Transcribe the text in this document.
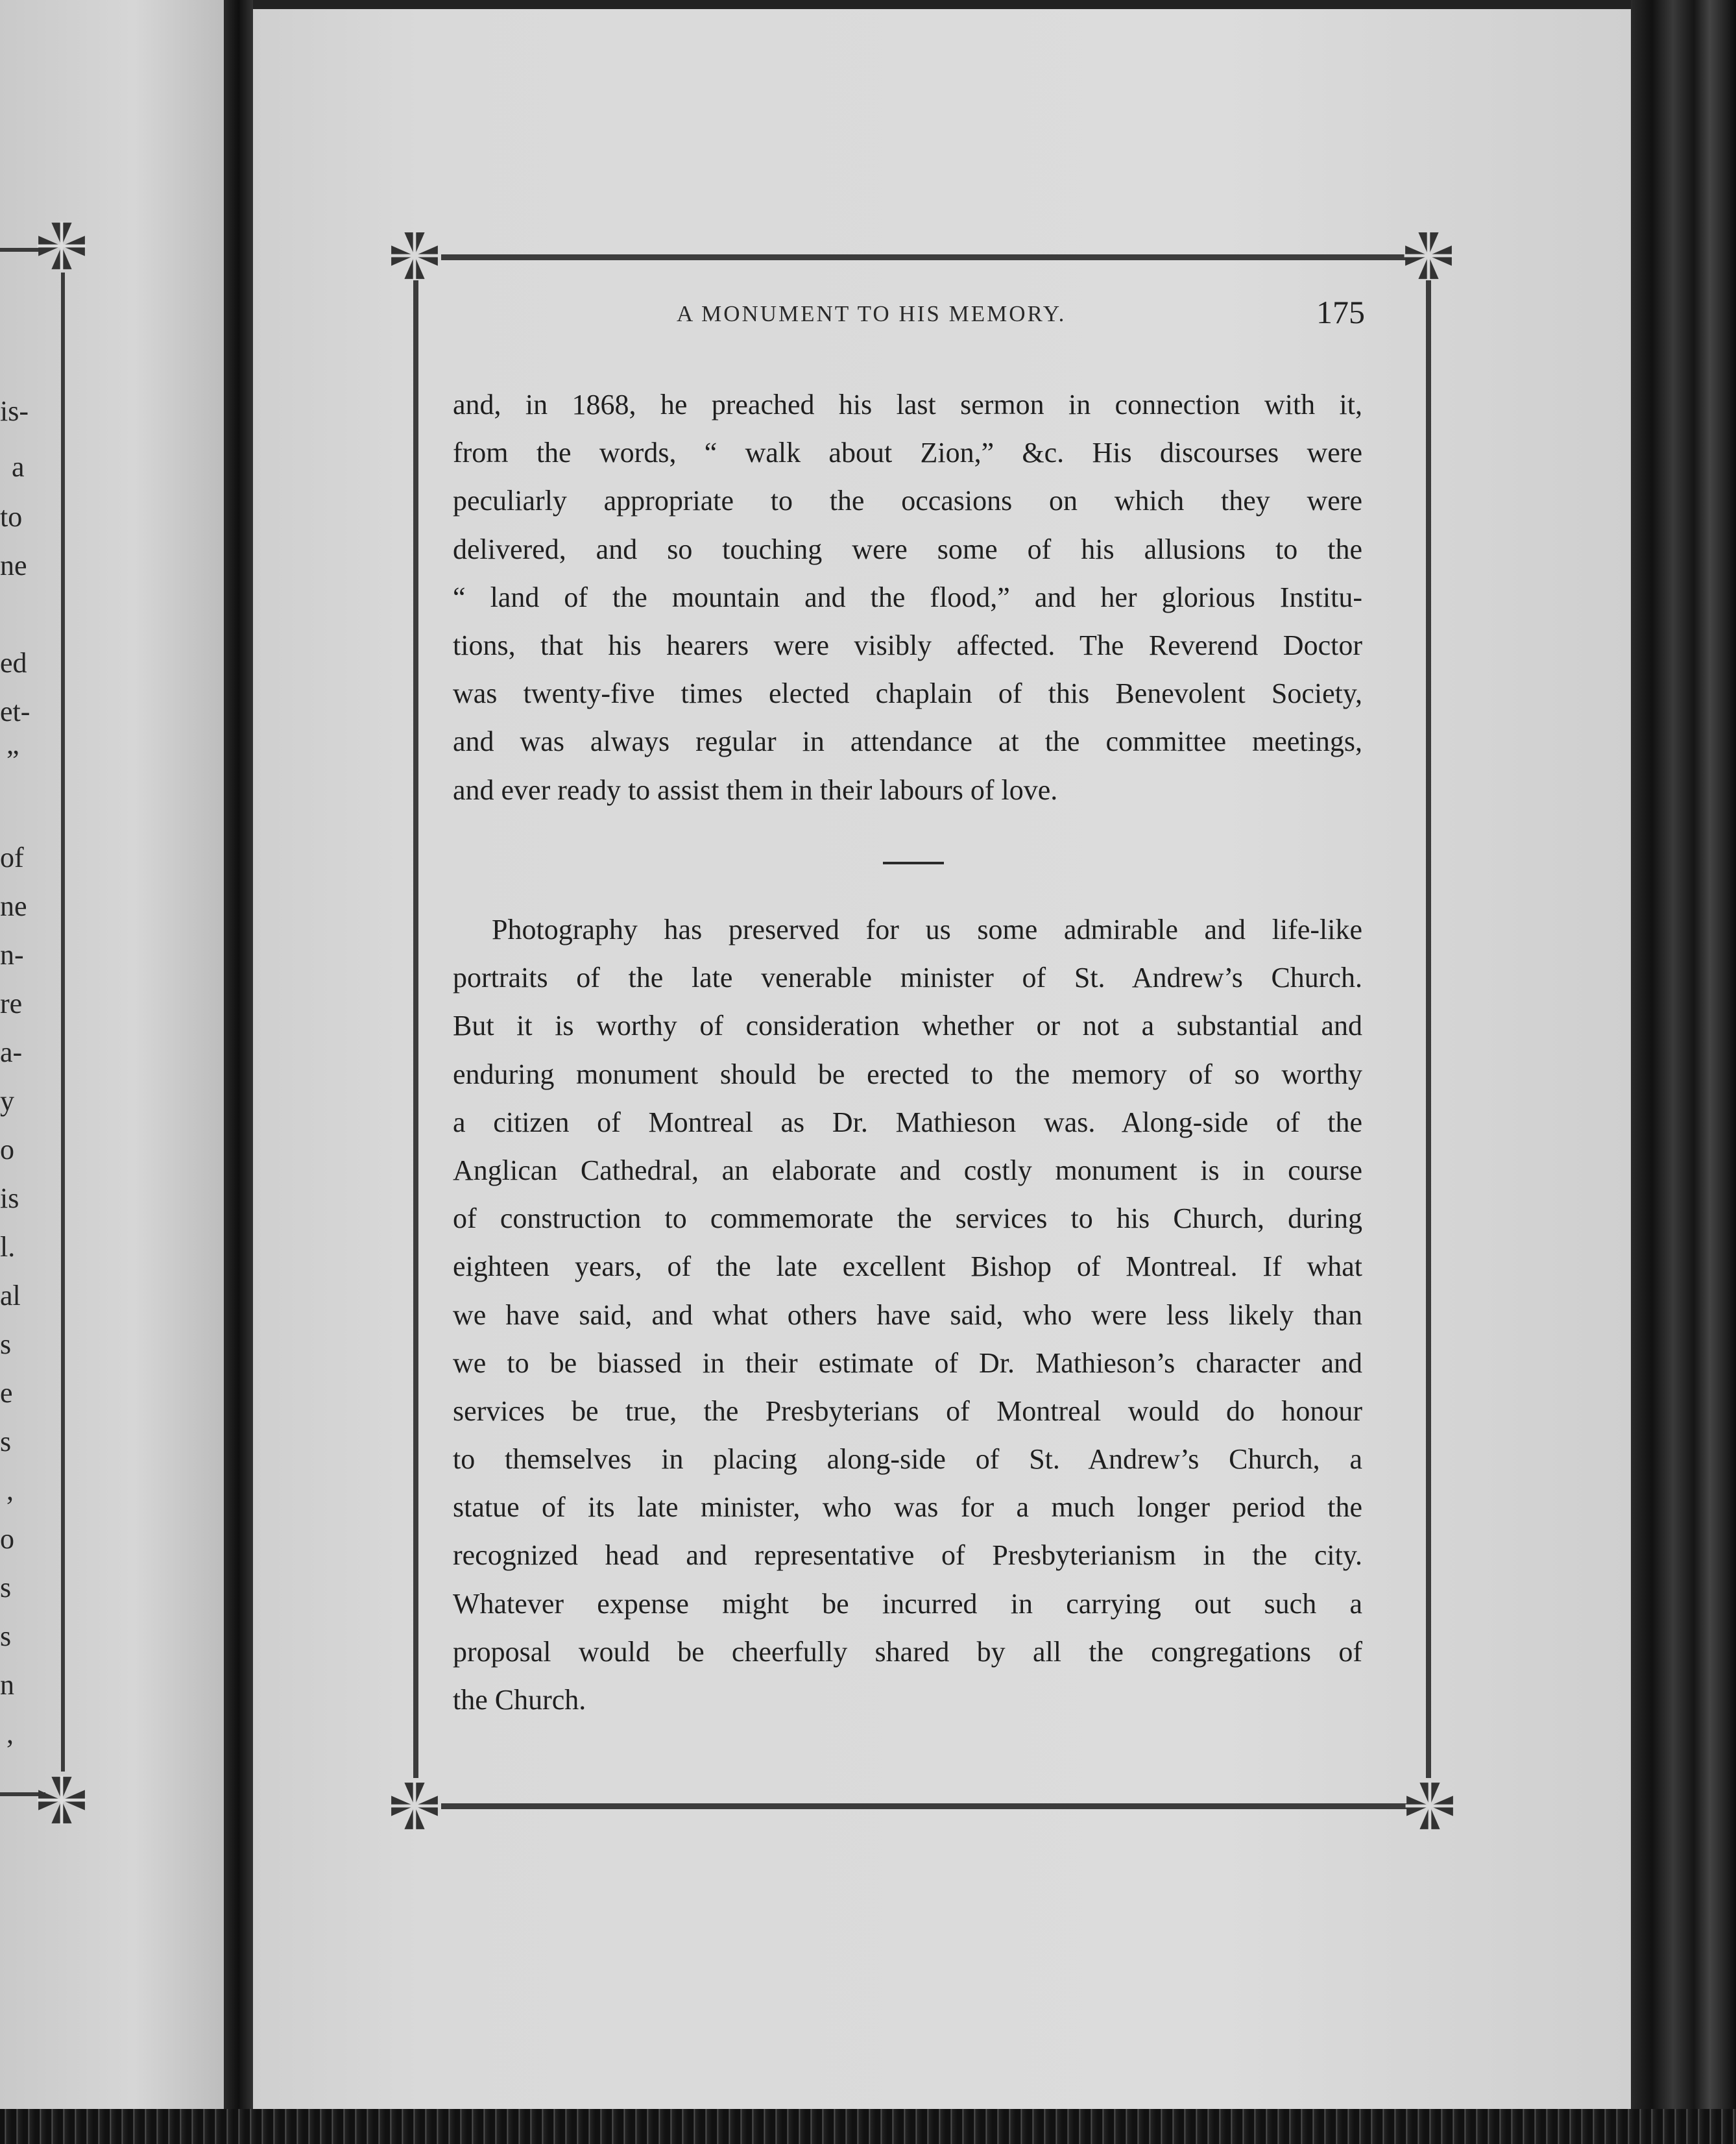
is-
a
to
ne
ed
et-
”
of
ne
n-
re
a-
y
o
is
l.
al
s
e
s
,
o
s
s
n
,
A MONUMENT TO HIS MEMORY.	175
and, in 1868, he preached his last sermon in connection with it,
from the words, “ walk about Zion,” &c. His discourses were
peculiarly appropriate to the occasions on which they were
delivered, and so touching were some of his allusions to the
“ land of the mountain and the flood,” and her glorious Institu-
tions, that his hearers were visibly affected. The Reverend Doctor
was twenty-five times elected chaplain of this Benevolent Society,
and was always regular in attendance at the committee meetings,
and ever ready to assist them in their labours of love.
Photography has preserved for us some admirable and life-like
portraits of the late venerable minister of St. Andrew’s Church.
But it is worthy of consideration whether or not a substantial and
enduring monument should be erected to the memory of so worthy
a citizen of Montreal as Dr. Mathieson was. Along-side of the
Anglican Cathedral, an elaborate and costly monument is in course
of construction to commemorate the services to his Church, during
eighteen years, of the late excellent Bishop of Montreal. If what
we have said, and what others have said, who were less likely than
we to be biassed in their estimate of Dr. Mathieson’s character and
services be true, the Presbyterians of Montreal would do honour
to themselves in placing along-side of St. Andrew’s Church, a
statue of its late minister, who was for a much longer period the
recognized head and representative of Presbyterianism in the city.
Whatever expense might be incurred in carrying out such a
proposal would be cheerfully shared by all the congregations of
the Church.
